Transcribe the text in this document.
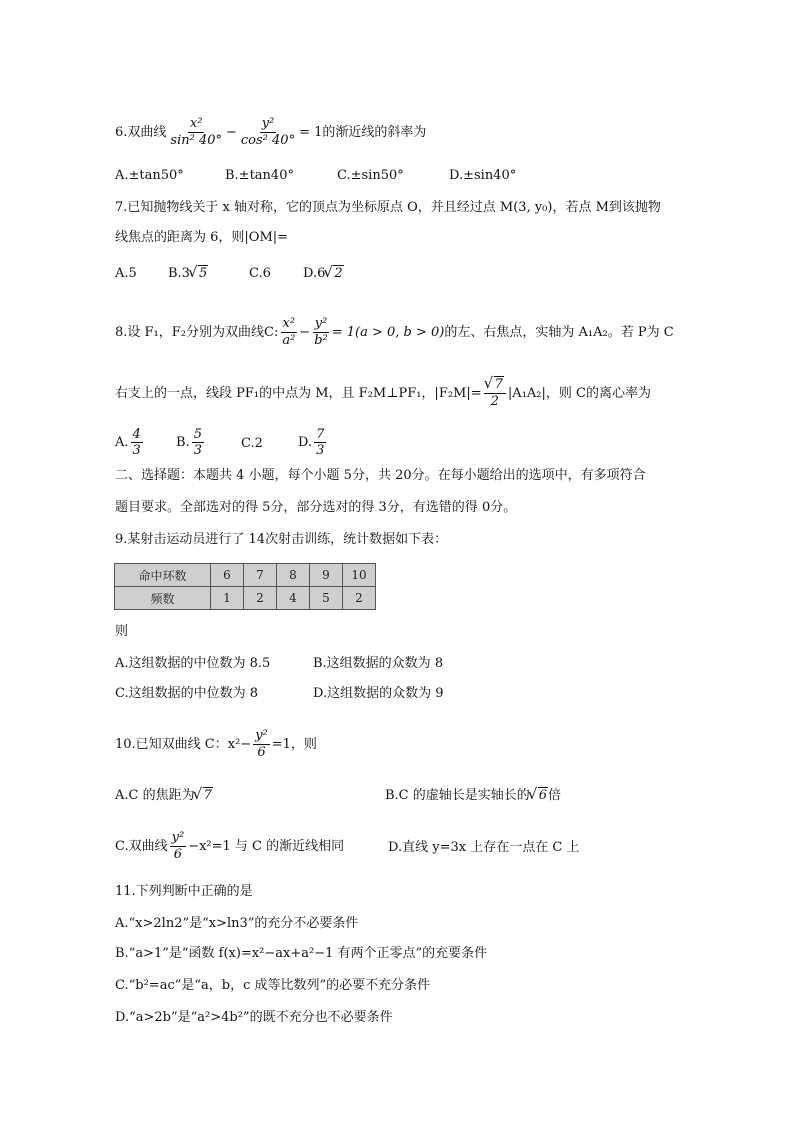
6.双曲线 $\frac{\text{x²}}{\text{sin² 40°}} - \frac{\text{y²}}{\text{cos² 40°}} = 1$的渐近线的斜率为
A.±tan50°	B.±tan40°	C.±sin50°	D.±sin40°
7.已知抛物线关于 x 轴对称，它的顶点为坐标原点 O，并且经过点 M(3, y₀)，若点 M到该抛物
线焦点的距离为 6，则|OM|=
A.5 B.3 √ 5	C.6 D.6 √ 2
8.设 F₁，F₂分别为双曲线C: $\frac{\text{x²}}{\text{a²}} - \frac{\text{y²}}{\text{b²}} = 1(a > 0$, b > 0)的左、右焦点，实轴为 A₁A₂。若 P为 C
右支上的一点，线段 PF₁的中点为 M，且 F₂M⊥PF₁，|F₂M|= √ $\frac{7}{2} |A_1A_2|$，则 C的离心率为
A. $\frac{4}{3}$	B. $\frac{5}{3}$	C.2	D. $\frac{7}{3}$
二、选择题：本题共 4 小题，每个小题 5分，共 20分。在每小题给出的选项中，有多项符合
题目要求。全部选对的得 5分，部分选对的得 3分，有选错的得 0分。
9.某射击运动员进行了 14次射击训练，统计数据如下表：
命中环数	6	7	8	9	10
频数	1	2	4	5	2
则
A.这组数据的中位数为 8.5	B.这组数据的众数为 8
C.这组数据的中位数为 8	D.这组数据的众数为 9
10.已知双曲线 C：$x^2- \frac{\text{y²}}{6} =1$，则
A.C 的焦距为 √ 7	B.C 的虚轴长是实轴长的 √ 6倍
C.双曲线 $\frac{\text{y²}}{6} -x^2=1$ 与 C 的渐近线相同	D.直线 y=3x 上存在一点在 C 上
11.下列判断中正确的是
A.“x>2ln2”是“x>ln3”的充分不必要条件
B.“a>1”是“函数 f(x)=x²−ax+a²−1 有两个正零点”的充要条件
C.“b²=ac”是“a，b，c 成等比数列”的必要不充分条件
D.“a>2b”是“a²>4b²”的既不充分也不必要条件
